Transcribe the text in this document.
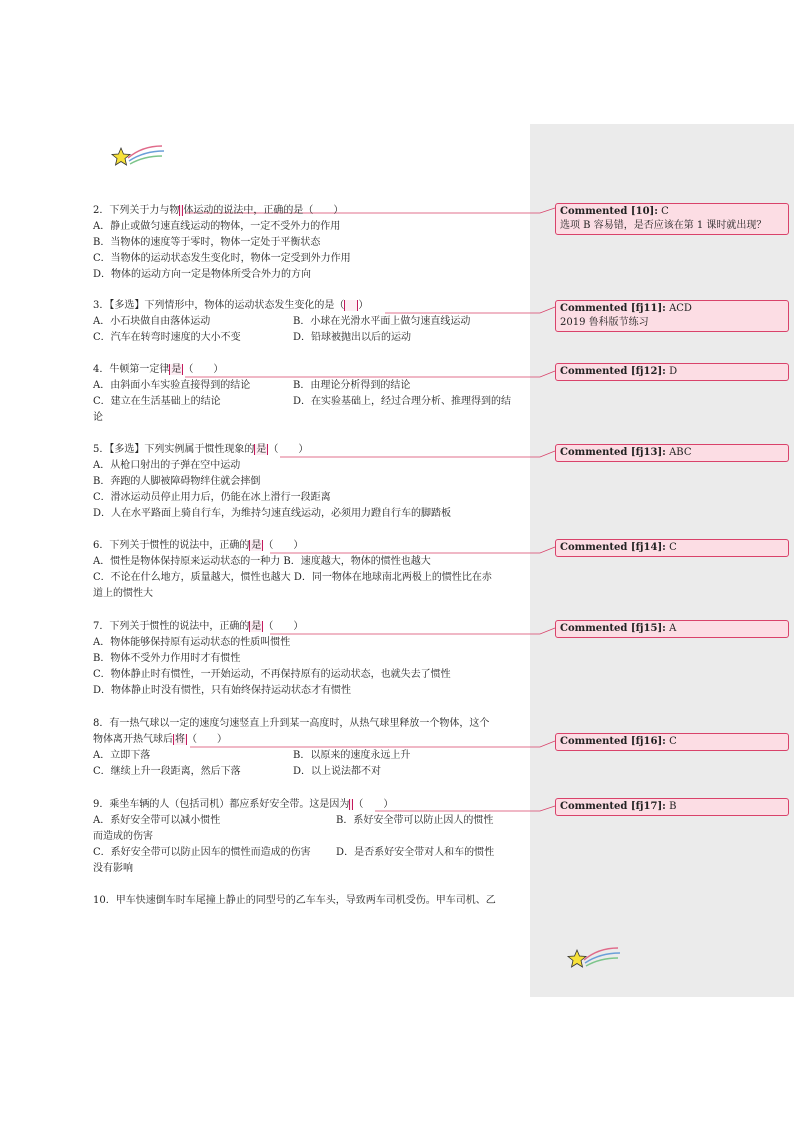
2．下列关于力与物 体运动的说法中，正确的是（　　）
A．静止或做匀速直线运动的物体，一定不受外力的作用
B．当物体的速度等于零时，物体一定处于平衡状态
C．当物体的运动状态发生变化时，物体一定受到外力作用
D．物体的运动方向一定是物体所受合外力的方向
3．【多选】下列情形中，物体的运动状态发生变化的是（　 ）
A．小石块做自由落体运动	B．小球在光滑水平面上做匀速直线运动
C．汽车在转弯时速度的大小不变	D．铅球被抛出以后的运动
4．牛顿第一定律 是 （　　）
A．由斜面小车实验直接得到的结论	B．由理论分析得到的结论
C．建立在生活基础上的结论	D．在实验基础上，经过合理分析、推理得到的结
论
5．【多选】下列实例属于惯性现象的 是 （　　）
A．从枪口射出的子弹在空中运动
B．奔跑的人脚被障碍物绊住就会摔倒
C．滑冰运动员停止用力后，仍能在冰上滑行一段距离
D．人在水平路面上骑自行车，为维持匀速直线运动，必须用力蹬自行车的脚踏板
6．下列关于惯性的说法中，正确的 是 （　　）
A．惯性是物体保持原来运动状态的一种力 B．速度越大，物体的惯性也越大
C．不论在什么地方，质量越大，惯性也越大 D．同一物体在地球南北两极上的惯性比在赤
道上的惯性大
7．下列关于惯性的说法中，正确的 是 （　　）
A．物体能够保持原有运动状态的性质叫惯性
B．物体不受外力作用时才有惯性
C．物体静止时有惯性，一开始运动，不再保持原有的运动状态，也就失去了惯性
D．物体静止时没有惯性，只有始终保持运动状态才有惯性
8．有一热气球以一定的速度匀速竖直上升到某一高度时，从热气球里释放一个物体，这个
物体离开热气球后 将 （　　）
A．立即下落	B．以原来的速度永远上升
C．继续上升一段距离，然后下落	D．以上说法都不对
9．乘坐车辆的人（包括司机）都应系好安全带。这是因为 （　　）
A．系好安全带可以减小惯性	B．系好安全带可以防止因人的惯性
而造成的伤害
C．系好安全带可以防止因车的惯性而造成的伤害	D．是否系好安全带对人和车的惯性
没有影响
10．甲车快速倒车时车尾撞上静止的同型号的乙车车头，导致两车司机受伤。甲车司机、乙
Commented [10]: C
选项 B 容易错，是否应该在第 1 课时就出现？
Commented [fj11]: ACD
2019 鲁科版节练习
Commented [fj12]: D
Commented [fj13]: ABC
Commented [fj14]: C
Commented [fj15]: A
Commented [fj16]: C
Commented [fj17]: B
